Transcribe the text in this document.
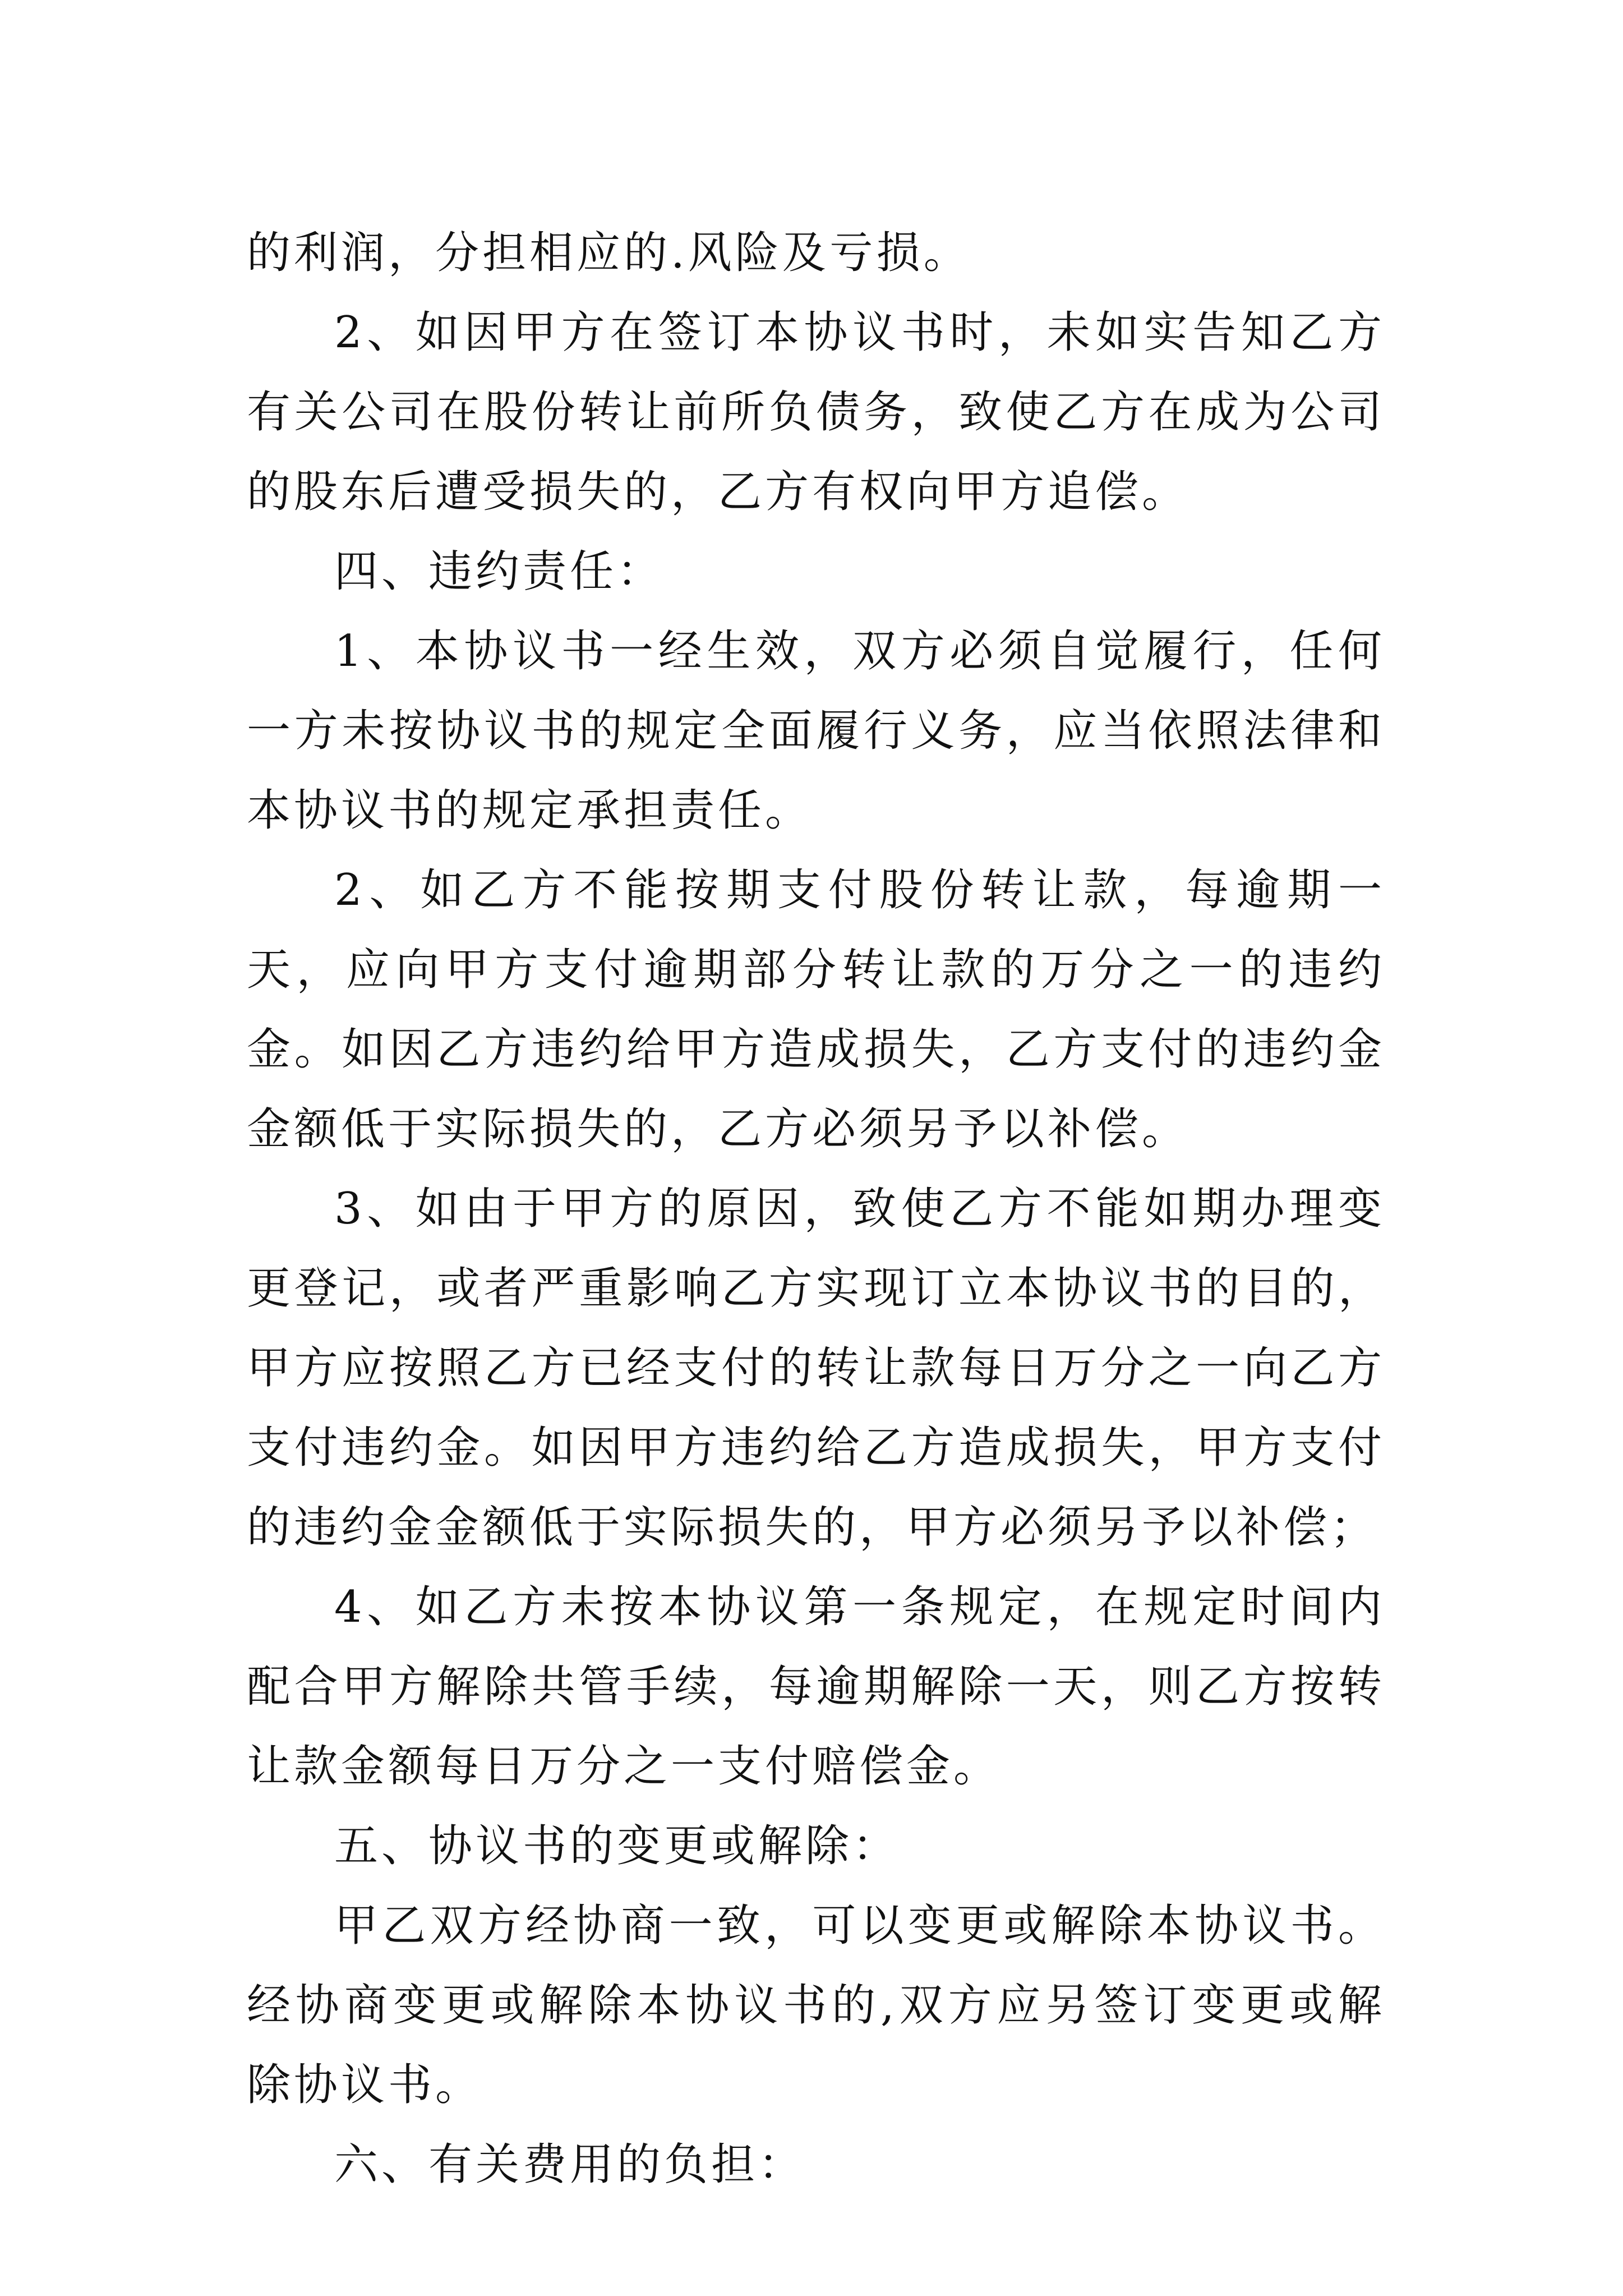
的利润，分担相应的.风险及亏损。

2、如因甲方在签订本协议书时，未如实告知乙方有关公司在股份转让前所负债务，致使乙方在成为公司的股东后遭受损失的，乙方有权向甲方追偿。

四、违约责任：

1、本协议书一经生效，双方必须自觉履行，任何一方未按协议书的规定全面履行义务，应当依照法律和本协议书的规定承担责任。

2、如乙方不能按期支付股份转让款，每逾期一天，应向甲方支付逾期部分转让款的万分之一的违约金。如因乙方违约给甲方造成损失，乙方支付的违约金金额低于实际损失的，乙方必须另予以补偿。

3、如由于甲方的原因，致使乙方不能如期办理变更登记，或者严重影响乙方实现订立本协议书的目的，甲方应按照乙方已经支付的转让款每日万分之一向乙方支付违约金。如因甲方违约给乙方造成损失，甲方支付的违约金金额低于实际损失的，甲方必须另予以补偿；

4、如乙方未按本协议第一条规定，在规定时间内配合甲方解除共管手续，每逾期解除一天，则乙方按转让款金额每日万分之一支付赔偿金。

五、协议书的变更或解除：

甲乙双方经协商一致，可以变更或解除本协议书。经协商变更或解除本协议书的,双方应另签订变更或解除协议书。

六、有关费用的负担：
